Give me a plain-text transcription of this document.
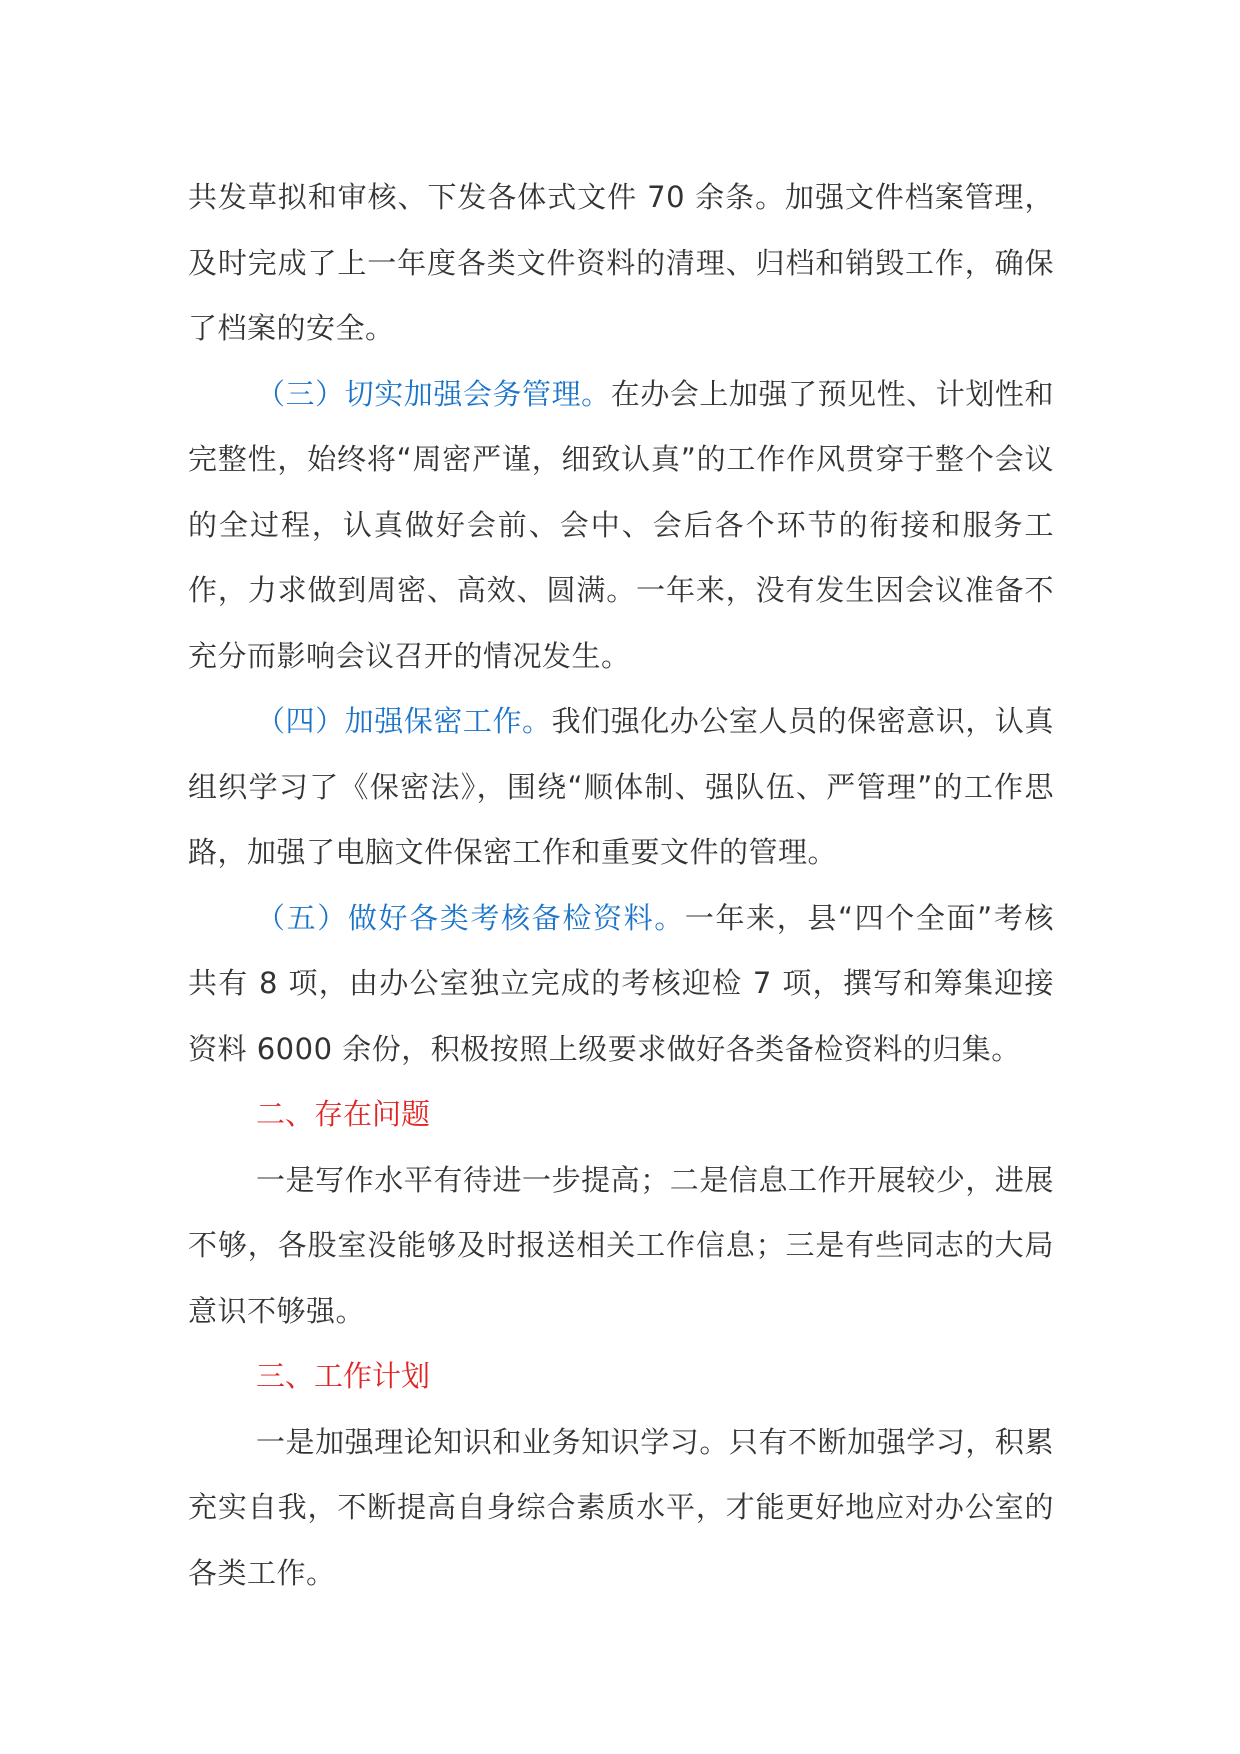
共发草拟和审核、下发各体式文件 70 余条。加强文件档案管理，及时完成了上一年度各类文件资料的清理、归档和销毁工作，确保了档案的安全。

（三）切实加强会务管理。在办会上加强了预见性、计划性和完整性，始终将“周密严谨，细致认真”的工作作风贯穿于整个会议的全过程，认真做好会前、会中、会后各个环节的衔接和服务工作，力求做到周密、高效、圆满。一年来，没有发生因会议准备不充分而影响会议召开的情况发生。

（四）加强保密工作。我们强化办公室人员的保密意识，认真组织学习了《保密法》，围绕“顺体制、强队伍、严管理”的工作思路，加强了电脑文件保密工作和重要文件的管理。

（五）做好各类考核备检资料。一年来，县“四个全面”考核共有 8 项，由办公室独立完成的考核迎检 7 项，撰写和筹集迎接资料 6000 余份，积极按照上级要求做好各类备检资料的归集。

二、存在问题

一是写作水平有待进一步提高；二是信息工作开展较少，进展不够，各股室没能够及时报送相关工作信息；三是有些同志的大局意识不够强。

三、工作计划

一是加强理论知识和业务知识学习。只有不断加强学习，积累充实自我，不断提高自身综合素质水平，才能更好地应对办公室的各类工作。
